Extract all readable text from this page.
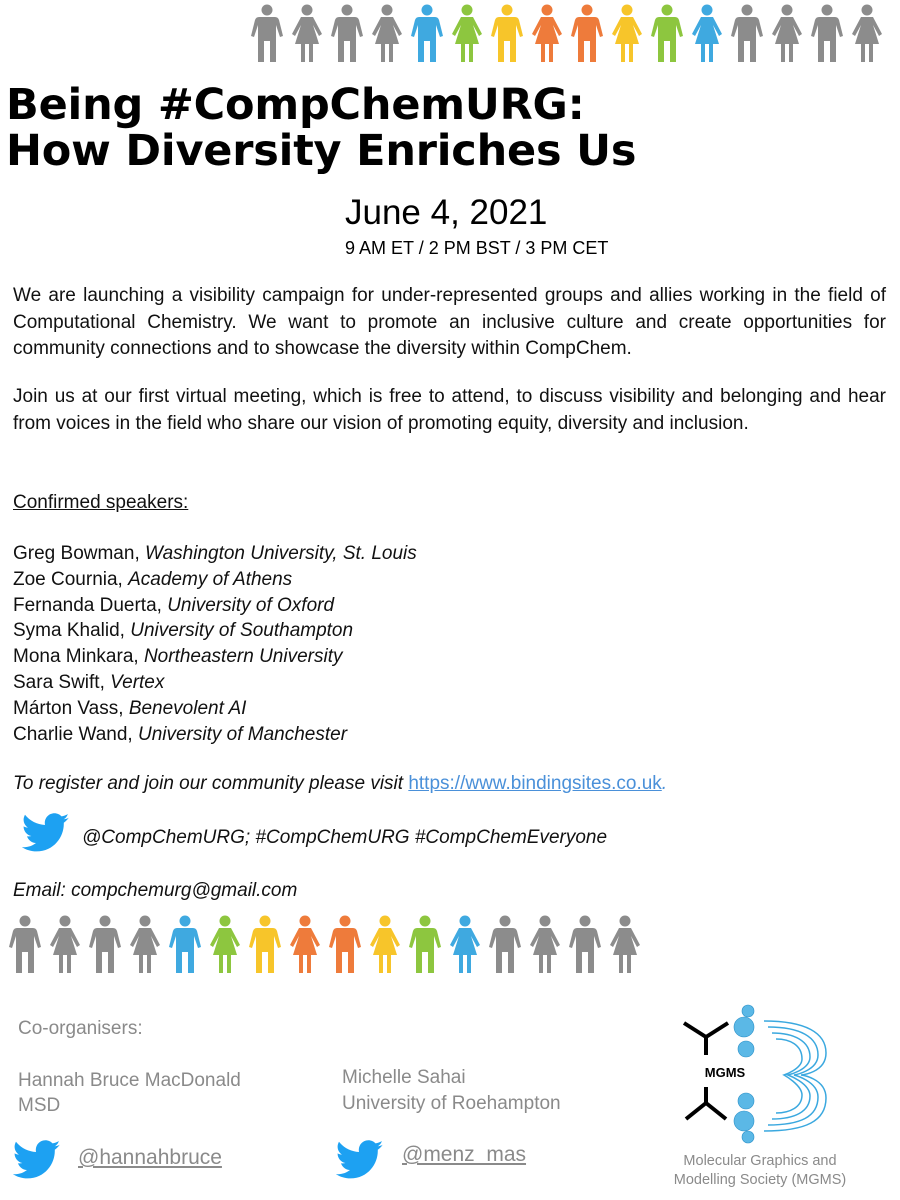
Being #CompChemURG:
How Diversity Enriches Us
June 4, 2021
9 AM ET / 2 PM BST / 3 PM CET

We are launching a visibility campaign for under-represented groups and allies working in the field of Computational Chemistry. We want to promote an inclusive culture and create opportunities for community connections and to showcase the diversity within CompChem.

Join us at our first virtual meeting, which is free to attend, to discuss visibility and belonging and hear from voices in the field who share our vision of promoting equity, diversity and inclusion.

Confirmed speakers:
Greg Bowman, Washington University, St. Louis
Zoe Cournia, Academy of Athens
Fernanda Duerta, University of Oxford
Syma Khalid, University of Southampton
Mona Minkara, Northeastern University
Sara Swift, Vertex
Márton Vass, Benevolent AI
Charlie Wand, University of Manchester
To register and join our community please visit https://www.bindingsites.co.uk.
@CompChemURG; #CompChemURG #CompChemEveryone
Email: compchemurg@gmail.com
Co-organisers:
Hannah Bruce MacDonald
MSD
Michelle Sahai
University of Roehampton
@hannahbruce	@menz_mas
MGMS
Molecular Graphics and
Modelling Society (MGMS)
